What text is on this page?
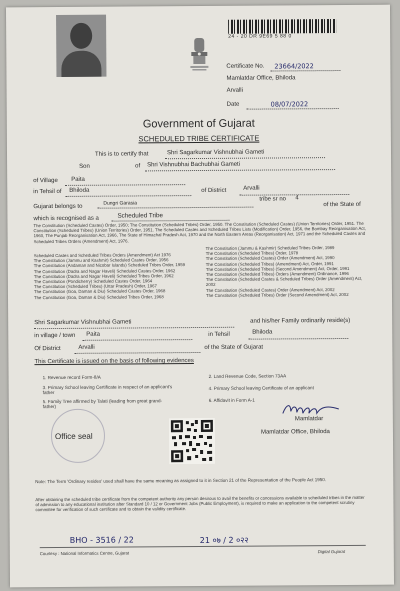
24 - 20 DR 9E69 5 88 0
Certificate No. 23664/2022
Mamlatdar Office, Bhiloda
Arvalli
Date	08/07/2022
Government of Gujarat
SCHEDULED TRIBE CERTIFICATE
This is to certify that	Shri Sagarkumar Vishnubhai Gameti
Son	of Shri Vishnubhai Bachubhai Gameti
of Village Paita
in Tehsil of Bhiloda	of District	Arvalli
Gujarat belongs to
Dungri Garasia
tribe sr no 4
of the State of
which is recognised as a	Scheduled Tribe
The Constitution (Scheduled Castes) Order, 1950; The Constitution (Scheduled Tribes) Order, 1950. The Constitution (Scheduled Castes) (Union Territories) Order, 1951. The Constitution (Scheduled Tribes) (Union Territories) Order, 1951. The Scheduled Castes and Scheduled Tribes Lists (Modification) Order, 1956, the Bombay Reorganisation Act, 1960, The Punjab Reorganisation Act, 1966, The State of Himachal Pradesh Act, 1970 and the North Eastern Areas (Reorganisation) Act, 1971 and the Scheduled Castes and Scheduled Tribes Orders (Amendment) Act, 1976.
Scheduled Castes and Scheduled Tribes Orders (Amendment) Act 1976
The Constitution (Jammu and Kashmir) Scheduled Castes Order, 1956
The Constitution (Andaman and Nicobar Islands) Scheduled Tribes Order, 1959
The Constitution (Dadra and Nagar Haveli) Scheduled Castes Order, 1962
The Constitution (Dadra and Nagar Haveli) Scheduled Tribes Order, 1962
The Constitution (Pondicherry) Scheduled Castes Order, 1964
The Constitution (Scheduled Tribes) (Uttar Pradesh) Order, 1967
The Constitution (Goa, Daman & Diu) Scheduled Castes Order, 1968
The Constitution (Goa, Daman & Diu) Scheduled Tribes Order, 1968
The Constitution (Jammu & Kashmir) Scheduled Tribes Order, 1989
The Constitution (Scheduled Tribes) Order, 1978
The Constitution (Scheduled Castes) Order (Amendment) Act, 1990
The Constitution (Scheduled Tribes) (Amendment) Act, Order, 1991
The Constitution (Scheduled Tribes) (Second Amendment) Act, Order, 1991
The Constitution (Scheduled Tribes) Orders (Amendment) Ordinance, 1996
The Constitution (Scheduled Castes & Scheduled Tribes) Order (Amendment) Act, 2002
The Constitution (Scheduled Castes) Order (Amendment) Act, 2002
The Constitution (Scheduled Tribes) Order (Second Amendment) Act, 2002
Shri Sagarkumar Vishnubhai Gameti	and his/her Family ordinarily reside(s)
in village / town Paita	in Tehsil	Bhiloda
Of District	Arvalli	of the State of Gujarat
This Certificate is issued on the basis of following evidences
1. Revenue record Form-8/A	2. Land Revenue Code, Section 73AA
3. Primary School leaving Certificate in respect of an applicant's father
4. Primary School leaving Certificate of an applicant
5. Family Tree affirmed by Talati (leading from great grand-father)
6. Affidavit in Form A-1
Office seal
Mamlatdar
Mamlatdar Office, Bhiloda
Note: The Term 'Ordinary resides' used shall have the same meaning as assigned to it in Section 21 of the Representation of the People Act 1950.
After obtaining the scheduled tribe certificate from the competent authority any person desirous to avail the benefits or concessions available to scheduled tribes in the matter of admission to any educational institution after Standard 10 / 12 or Government Jobs (Public Employment), is required to make an application to the competent scrutiny committee for verification of such certificate and to obtain the validity certificate.
BHO - 3516 / 22	21 ०७ / 2 ०२२
Courtesy : National Informatics Centre, Gujarat	Digital Gujarat
